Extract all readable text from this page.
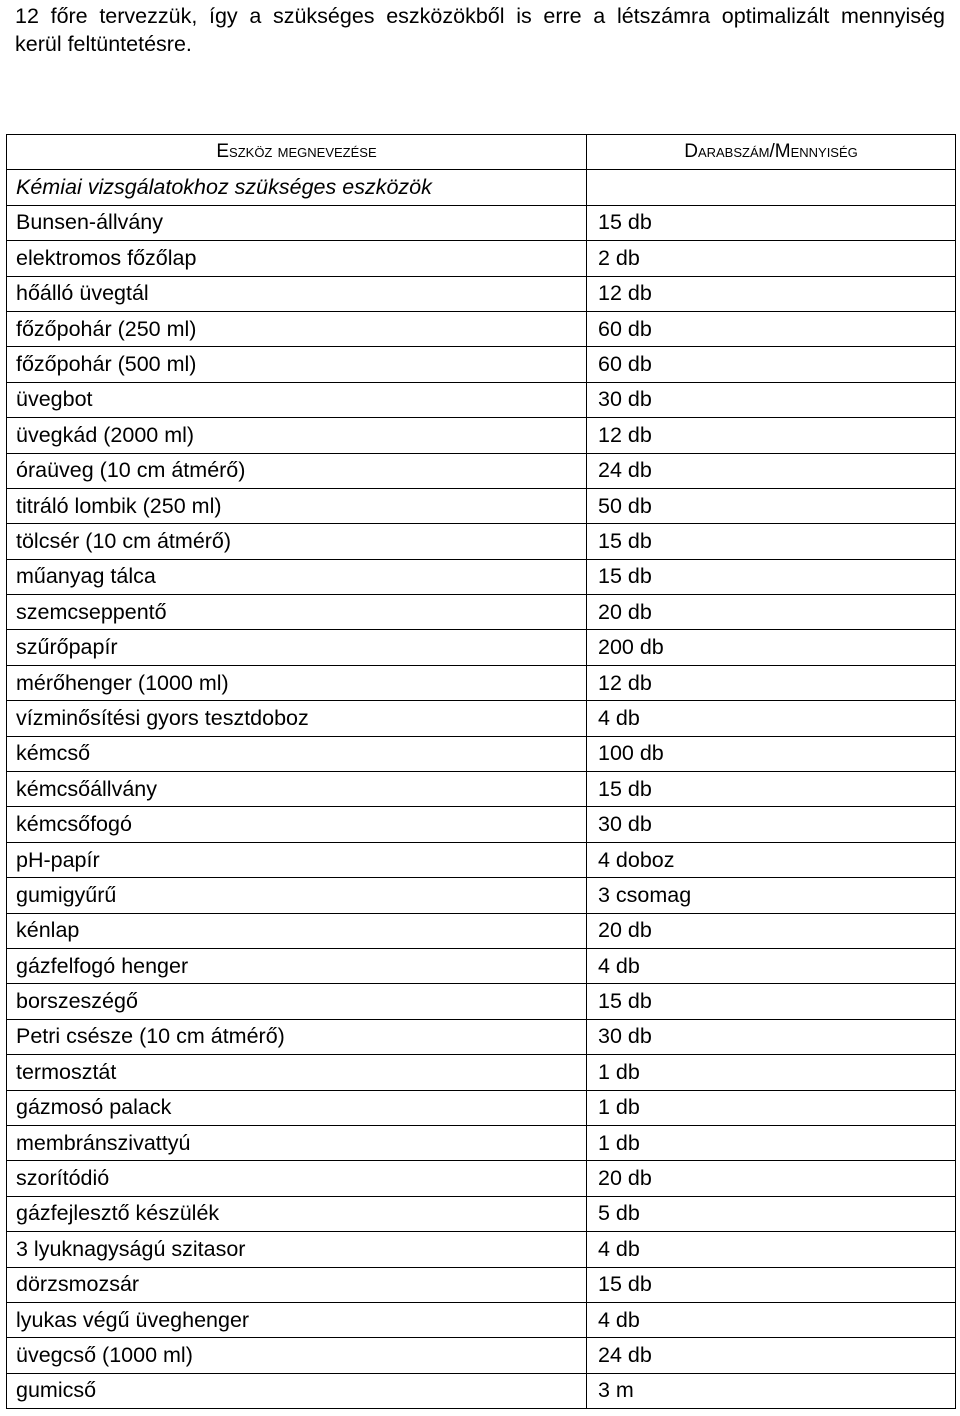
12 főre tervezzük, így a szükséges eszközökből is erre a létszámra optimalizált mennyiség
kerül feltüntetésre.
Eszköz megnevezése	Darabszám/Mennyiség
Kémiai vizsgálatokhoz szükséges eszközök	
Bunsen-állvány	15 db
elektromos főzőlap	2 db
hőálló üvegtál	12 db
főzőpohár (250 ml)	60 db
főzőpohár (500 ml)	60 db
üvegbot	30 db
üvegkád (2000 ml)	12 db
óraüveg (10 cm átmérő)	24 db
titráló lombik (250 ml)	50 db
tölcsér (10 cm átmérő)	15 db
műanyag tálca	15 db
szemcseppentő	20 db
szűrőpapír	200 db
mérőhenger (1000 ml)	12 db
vízminősítési gyors tesztdoboz	4 db
kémcső	100 db
kémcsőállvány	15 db
kémcsőfogó	30 db
pH-papír	4 doboz
gumigyűrű	3 csomag
kénlap	20 db
gázfelfogó henger	4 db
borszeszégő	15 db
Petri csésze (10 cm átmérő)	30 db
termosztát	1 db
gázmosó palack	1 db
membránszivattyú	1 db
szorítódió	20 db
gázfejlesztő készülék	5 db
3 lyuknagyságú szitasor	4 db
dörzsmozsár	15 db
lyukas végű üveghenger	4 db
üvegcső (1000 ml)	24 db
gumicső	3 m
